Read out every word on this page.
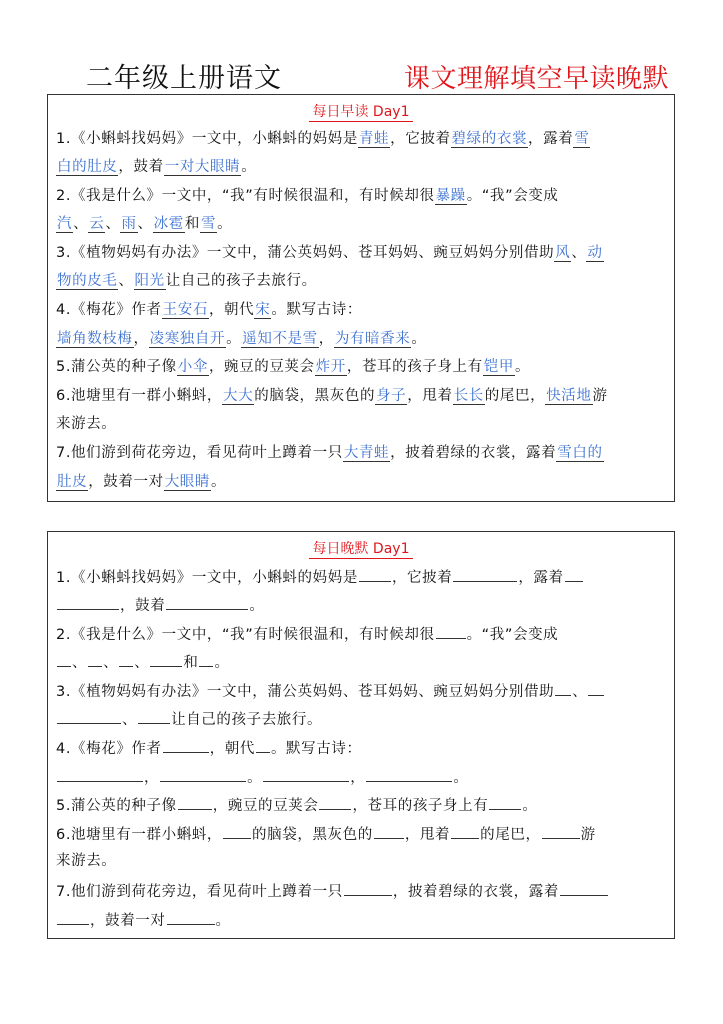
二年级上册语文	课文理解填空早读晚默
每日早读 Day1
1.《小蝌蚪找妈妈》一文中，小蝌蚪的妈妈是青蛙，它披着碧绿的衣裳，露着雪
白的肚皮，鼓着一对大眼睛。
2.《我是什么》一文中，“我”有时候很温和，有时候却很暴躁。“我”会变成
汽、云、雨、冰雹和雪。
3.《植物妈妈有办法》一文中，蒲公英妈妈、苍耳妈妈、豌豆妈妈分别借助风、动
物的皮毛、阳光让自己的孩子去旅行。
4.《梅花》作者王安石，朝代宋。默写古诗：
墙角数枝梅，凌寒独自开。遥知不是雪，为有暗香来。
5.蒲公英的种子像小伞，豌豆的豆荚会炸开，苍耳的孩子身上有铠甲。
6.池塘里有一群小蝌蚪，大大的脑袋，黑灰色的身子，甩着长长的尾巴，快活地游
来游去。
7.他们游到荷花旁边，看见荷叶上蹲着一只大青蛙，披着碧绿的衣裳，露着雪白的
肚皮，鼓着一对大眼睛。
每日晚默 Day1
1.《小蝌蚪找妈妈》一文中，小蝌蚪的妈妈是 ，它披着	，露着
，鼓着	。
2.《我是什么》一文中，“我”有时候很温和，有时候却很 。“我”会变成
、 、 、 和 。
3.《植物妈妈有办法》一文中，蒲公英妈妈、苍耳妈妈、豌豆妈妈分别借助 、
、 让自己的孩子去旅行。
4.《梅花》作者	，朝代 。默写古诗：
，	。	，	。
5.蒲公英的种子像 ，豌豆的豆荚会 ，苍耳的孩子身上有 。
6.池塘里有一群小蝌蚪， 的脑袋，黑灰色的 ，甩着 的尾巴，	游
来游去。
7.他们游到荷花旁边，看见荷叶上蹲着一只	，披着碧绿的衣裳，露着
，鼓着一对	。
